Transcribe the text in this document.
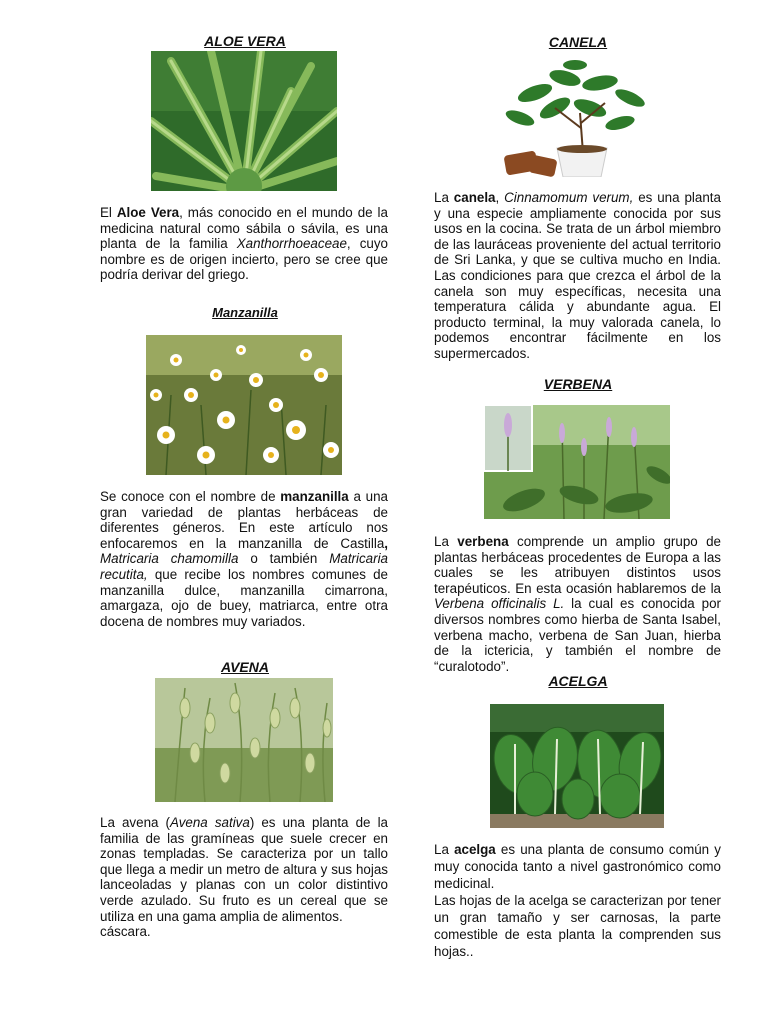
ALOE VERA
El Aloe Vera, más conocido en el mundo de la medicina natural como sábila o sávila, es una planta de la familia Xanthorrhoeaceae, cuyo nombre es de origen incierto, pero se cree que podría derivar del griego.
Manzanilla
Se conoce con el nombre de manzanilla a una gran variedad de plantas herbáceas de diferentes géneros. En este artículo nos enfocaremos en la manzanilla de Castilla, Matricaria chamomilla o también Matricaria recutita, que recibe los nombres comunes de manzanilla dulce, manzanilla cimarrona, amargaza, ojo de buey, matriarca, entre otra docena de nombres muy variados.
AVENA
La avena (Avena sativa) es una planta de la familia de las gramíneas que suele crecer en zonas templadas. Se caracteriza por un tallo que llega a medir un metro de altura y sus hojas lanceoladas y planas con un color distintivo verde azulado. Su fruto es un cereal que se utiliza en una gama amplia de alimentos.
cáscara.
CANELA
La canela, Cinnamomum verum, es una planta y una especie ampliamente conocida por sus usos en la cocina. Se trata de un árbol miembro de las lauráceas proveniente del actual territorio de Sri Lanka, y que se cultiva mucho en India. Las condiciones para que crezca el árbol de la canela son muy específicas, necesita una temperatura cálida y abundante agua. El producto terminal, la muy valorada canela, lo podemos encontrar fácilmente en los supermercados.
VERBENA
La verbena comprende un amplio grupo de plantas herbáceas procedentes de Europa a las cuales se les atribuyen distintos usos terapéuticos. En esta ocasión hablaremos de la Verbena officinalis L. la cual es conocida por diversos nombres como hierba de Santa Isabel, verbena macho, verbena de San Juan, hierba de la ictericia, y también el nombre de “curalotodo”.
ACELGA
La acelga es una planta de consumo común y muy conocida tanto a nivel gastronómico como medicinal.
Las hojas de la acelga se caracterizan por tener un gran tamaño y ser carnosas, la parte comestible de esta planta la comprenden sus hojas..
